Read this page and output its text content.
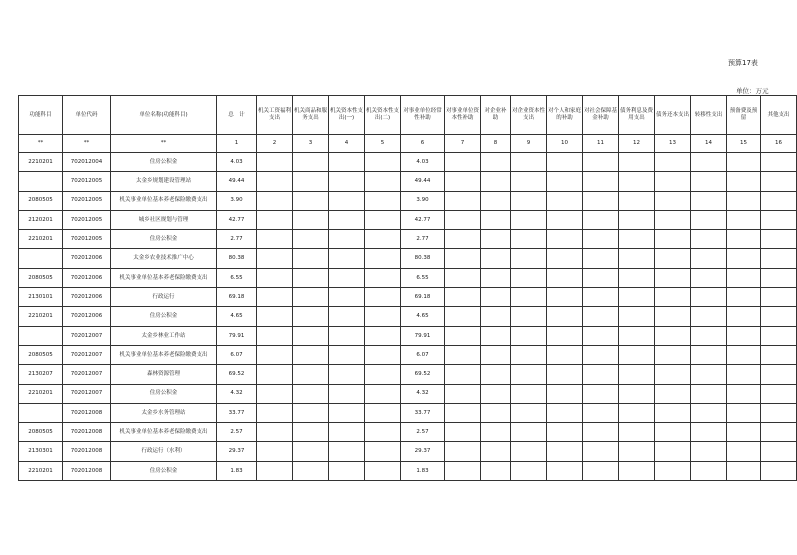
预算17表
单位：万元
功能科目	单位代码	单位名称(功能科目)	总　计	机关工资福利支出	机关商品和服务支出	机关资本性支出(一)	机关资本性支出(二)	对事业单位经常性补助	对事业单位资本性补助	对企业补助	对企业资本性支出	对个人和家庭的补助	对社会保障基金补助	债务利息及费用支出	债务还本支出	转移性支出	预备费及预留	其他支出
**	**	**	1	2	3	4	5	6	7	8	9	10	11	12	13	14	15	16
2210201	702012004	住房公积金	4.03					4.03										
	702012005	太金乡规划建设管理站	49.44					49.44										
2080505	702012005	机关事业单位基本养老保险缴费支出	3.90					3.90										
2120201	702012005	城乡社区规划与管理	42.77					42.77										
2210201	702012005	住房公积金	2.77					2.77										
	702012006	太金乡农业技术推广中心	80.38					80.38										
2080505	702012006	机关事业单位基本养老保险缴费支出	6.55					6.55										
2130101	702012006	行政运行	69.18					69.18										
2210201	702012006	住房公积金	4.65					4.65										
	702012007	太金乡林业工作站	79.91					79.91										
2080505	702012007	机关事业单位基本养老保险缴费支出	6.07					6.07										
2130207	702012007	森林资源管理	69.52					69.52										
2210201	702012007	住房公积金	4.32					4.32										
	702012008	太金乡水务管理站	33.77					33.77										
2080505	702012008	机关事业单位基本养老保险缴费支出	2.57					2.57										
2130301	702012008	行政运行（水利）	29.37					29.37										
2210201	702012008	住房公积金	1.83					1.83										
